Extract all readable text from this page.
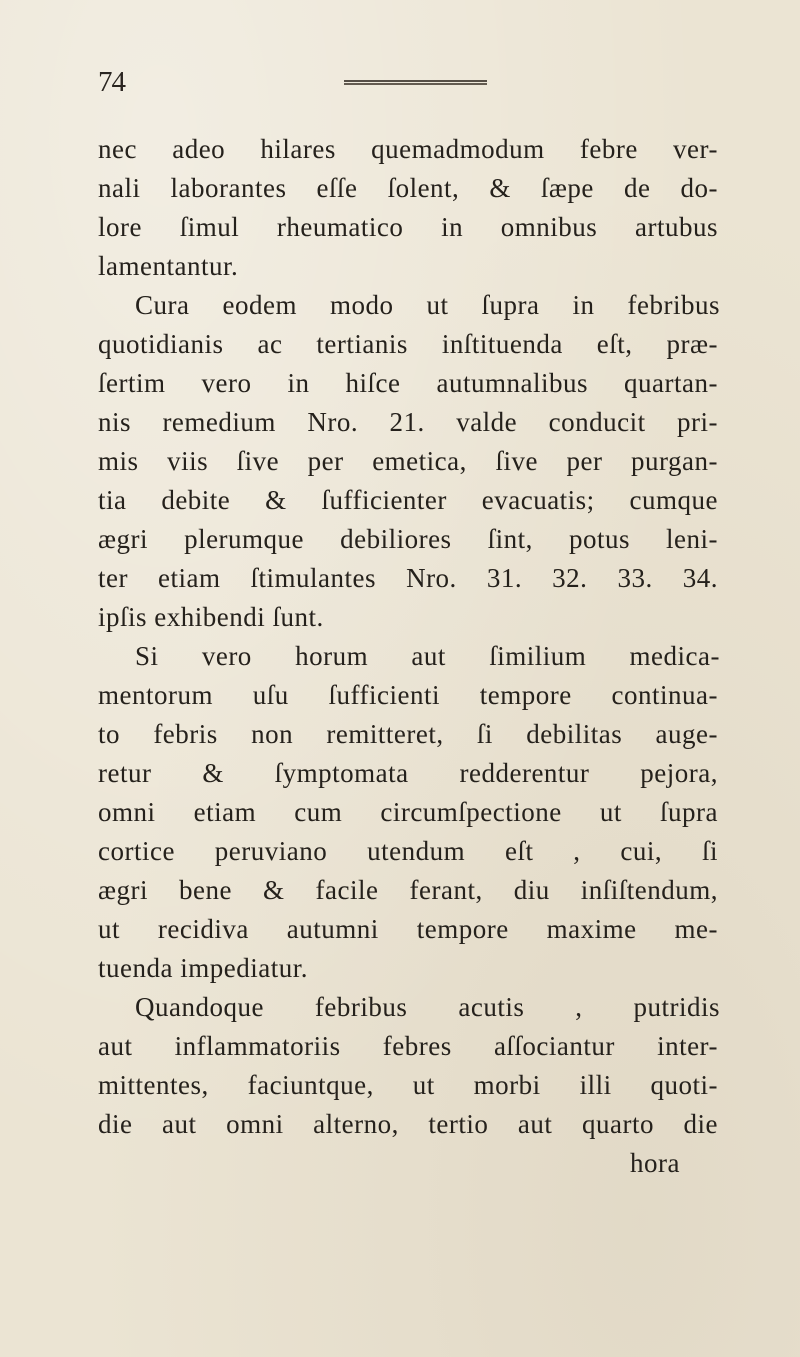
74
nec adeo hilares quemadmodum febre ver-
nali laborantes eſſe ſolent, & ſæpe de do-
lore ſimul rheumatico in omnibus artubus
lamentantur.
Cura eodem modo ut ſupra in febribus
quotidianis ac tertianis inſtituenda eſt, præ-
ſertim vero in hiſce autumnalibus quartan-
nis remedium Nro. 21. valde conducit pri-
mis viis ſive per emetica, ſive per purgan-
tia debite & ſufficienter evacuatis; cumque
ægri plerumque debiliores ſint, potus leni-
ter etiam ſtimulantes Nro. 31. 32. 33. 34.
ipſis exhibendi ſunt.
Si vero horum aut ſimilium medica-
mentorum uſu ſufficienti tempore continua-
to febris non remitteret, ſi debilitas auge-
retur & ſymptomata redderentur pejora,
omni etiam cum circumſpectione ut ſupra
cortice peruviano utendum eſt , cui, ſi
ægri bene & facile ferant, diu inſiſtendum,
ut recidiva autumni tempore maxime me-
tuenda impediatur.
Quandoque febribus acutis , putridis
aut inflammatoriis febres aſſociantur inter-
mittentes, faciuntque, ut morbi illi quoti-
die aut omni alterno, tertio aut quarto die
hora
